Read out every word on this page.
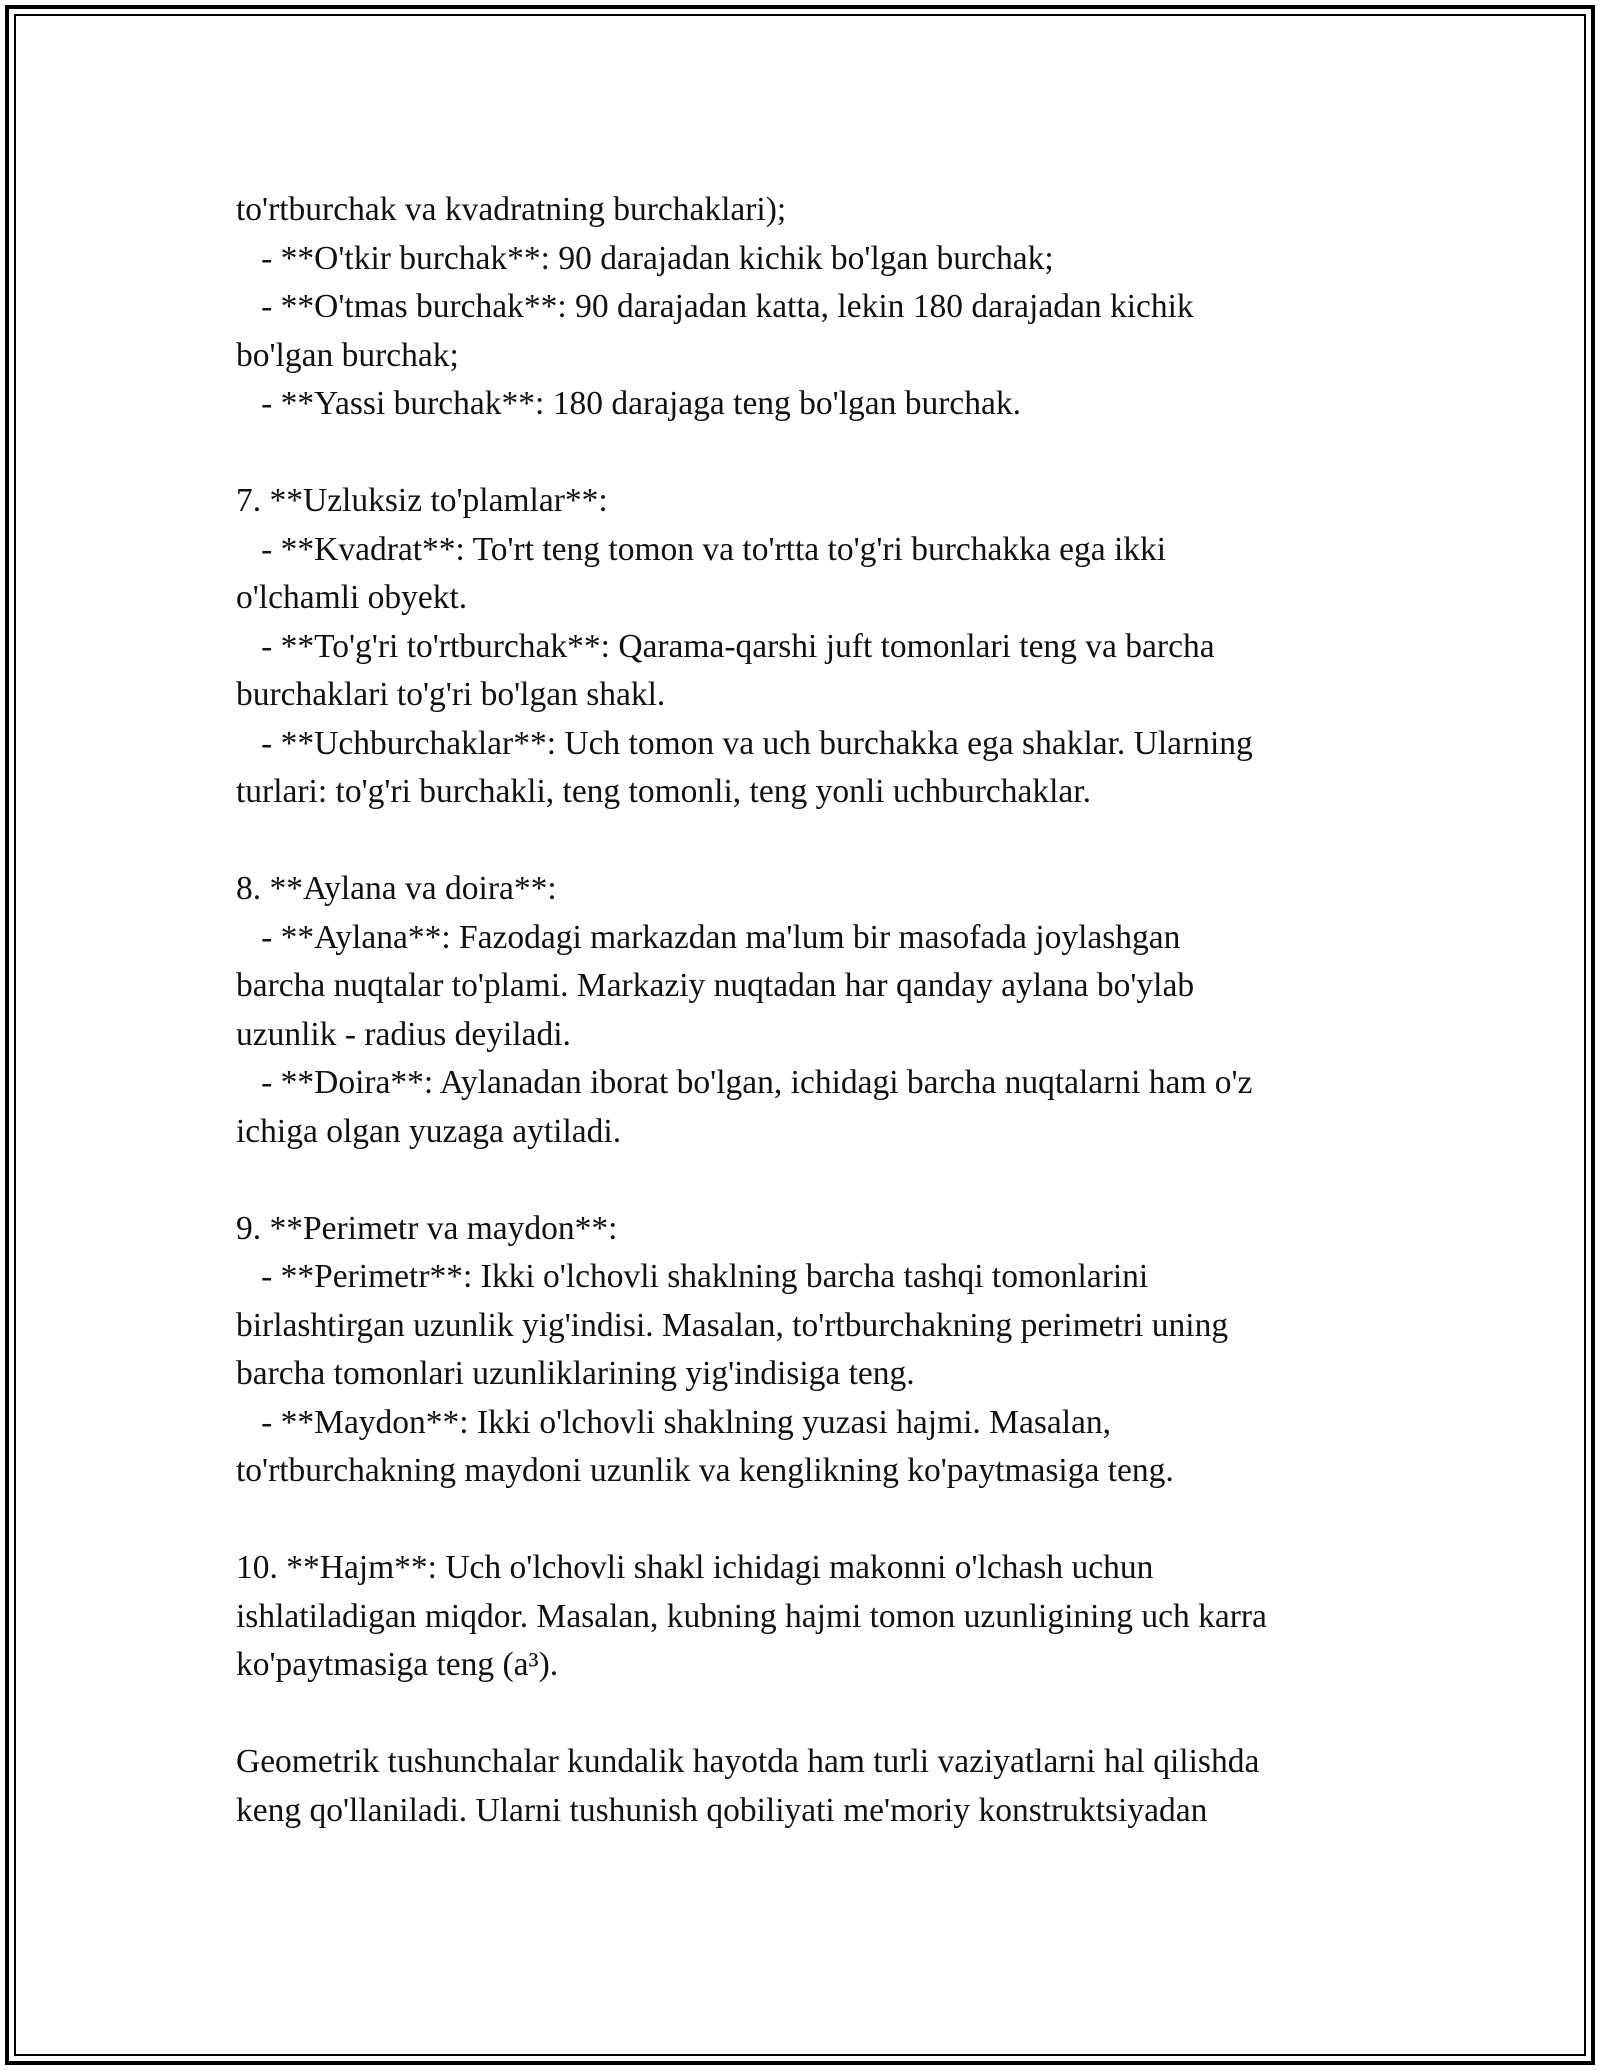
to'rtburchak va kvadratning burchaklari);

- **O'tkir burchak**: 90 darajadan kichik bo'lgan burchak;

- **O'tmas burchak**: 90 darajadan katta, lekin 180 darajadan kichik

bo'lgan burchak;

- **Yassi burchak**: 180 darajaga teng bo'lgan burchak.

7. **Uzluksiz to'plamlar**:

- **Kvadrat**: To'rt teng tomon va to'rtta to'g'ri burchakka ega ikki

o'lchamli obyekt.

- **To'g'ri to'rtburchak**: Qarama-qarshi juft tomonlari teng va barcha

burchaklari to'g'ri bo'lgan shakl.

- **Uchburchaklar**: Uch tomon va uch burchakka ega shaklar. Ularning

turlari: to'g'ri burchakli, teng tomonli, teng yonli uchburchaklar.

8. **Aylana va doira**:

- **Aylana**: Fazodagi markazdan ma'lum bir masofada joylashgan

barcha nuqtalar to'plami. Markaziy nuqtadan har qanday aylana bo'ylab

uzunlik - radius deyiladi.

- **Doira**: Aylanadan iborat bo'lgan, ichidagi barcha nuqtalarni ham o'z

ichiga olgan yuzaga aytiladi.

9. **Perimetr va maydon**:

- **Perimetr**: Ikki o'lchovli shaklning barcha tashqi tomonlarini

birlashtirgan uzunlik yig'indisi. Masalan, to'rtburchakning perimetri uning

barcha tomonlari uzunliklarining yig'indisiga teng.

- **Maydon**: Ikki o'lchovli shaklning yuzasi hajmi. Masalan,

to'rtburchakning maydoni uzunlik va kenglikning ko'paytmasiga teng.

10. **Hajm**: Uch o'lchovli shakl ichidagi makonni o'lchash uchun

ishlatiladigan miqdor. Masalan, kubning hajmi tomon uzunligining uch karra

ko'paytmasiga teng (a³).

Geometrik tushunchalar kundalik hayotda ham turli vaziyatlarni hal qilishda

keng qo'llaniladi. Ularni tushunish qobiliyati me'moriy konstruktsiyadan
